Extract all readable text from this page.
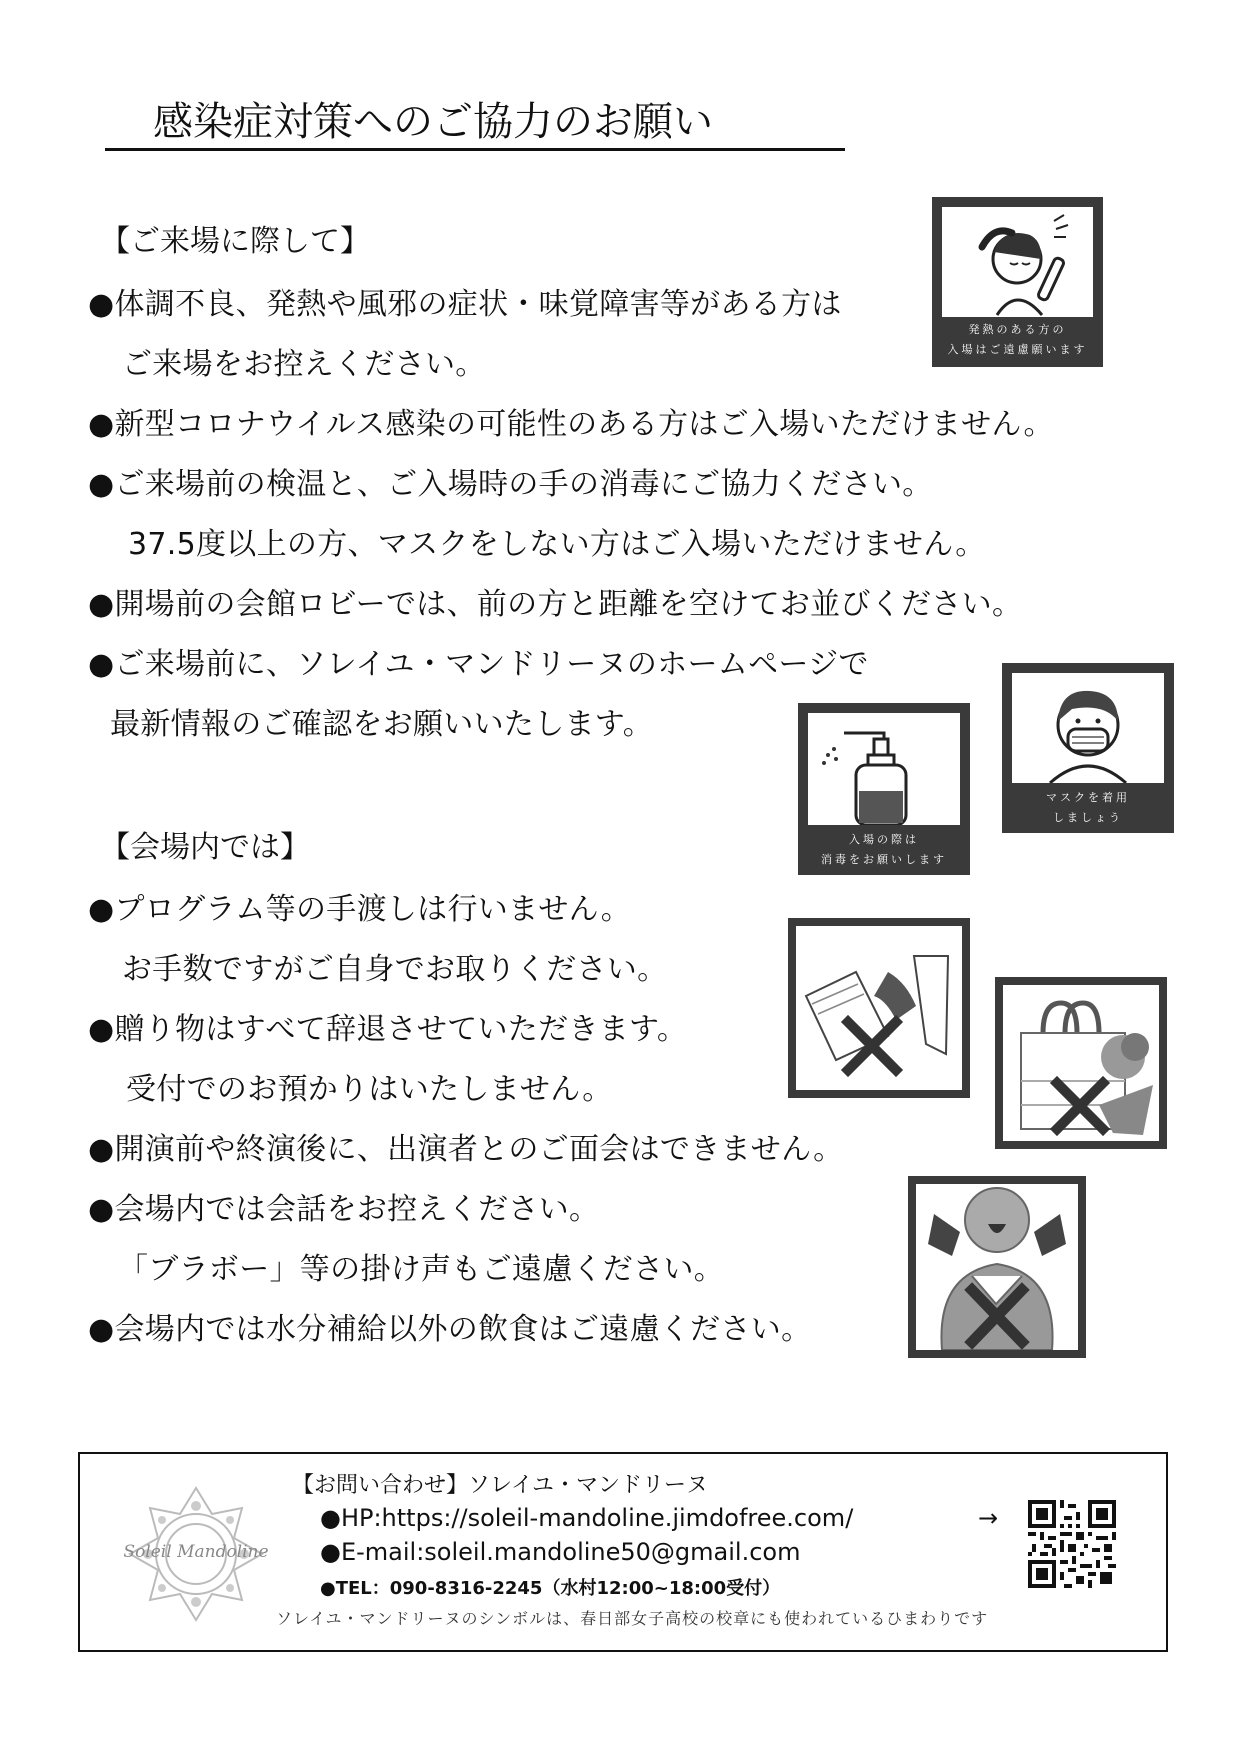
感染症対策へのご協力のお願い
【ご来場に際して】
●体調不良、発熱や風邪の症状・味覚障害等がある方は
ご来場をお控えください。
●新型コロナウイルス感染の可能性のある方はご入場いただけません。
●ご来場前の検温と、ご入場時の手の消毒にご協力ください。
37.5度以上の方、マスクをしない方はご入場いただけません。
●開場前の会館ロビーでは、前の方と距離を空けてお並びください。
●ご来場前に、ソレイユ・マンドリーヌのホームページで
最新情報のご確認をお願いいたします。
【会場内では】
●プログラム等の手渡しは行いません。
お手数ですがご自身でお取りください。
●贈り物はすべて辞退させていただきます。
受付でのお預かりはいたしません。
●開演前や終演後に、出演者とのご面会はできません。
●会場内では会話をお控えください。
「ブラボー」等の掛け声もご遠慮ください。
●会場内では水分補給以外の飲食はご遠慮ください。
発熱のある方の
入場はご遠慮願います
マスクを着用
しましょう
入場の際は
消毒をお願いします
Soleil Mandoline
【お問い合わせ】ソレイユ・マンドリーヌ
●HP:https://soleil-mandoline.jimdofree.com/	→
●E-mail:soleil.mandoline50@gmail.com
●TEL：090-8316-2245（水村12:00~18:00受付）
ソレイユ・マンドリーヌのシンボルは、春日部女子高校の校章にも使われているひまわりです
